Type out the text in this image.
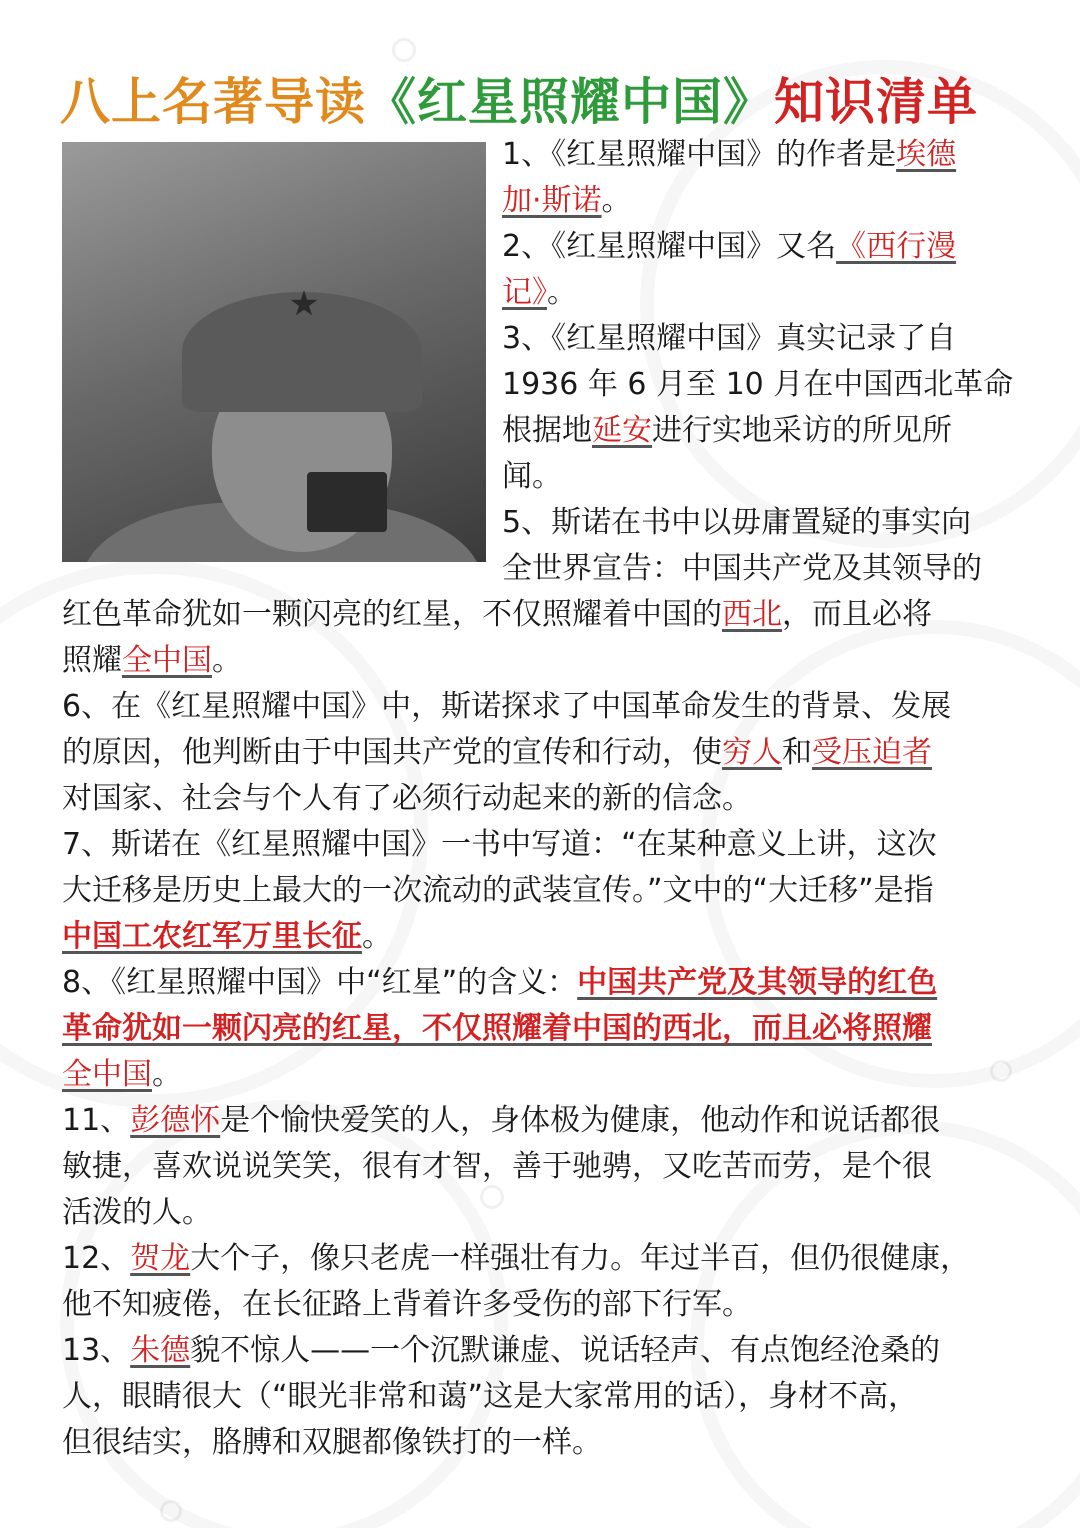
八上名著导读《红星照耀中国》知识清单

1、《红星照耀中国》的作者是埃德

加·斯诺。

2、《红星照耀中国》又名《西行漫

记》。

3、《红星照耀中国》真实记录了自

1936 年 6 月至 10 月在中国西北革命

根据地延安进行实地采访的所见所

闻。

5、斯诺在书中以毋庸置疑的事实向

全世界宣告：中国共产党及其领导的

红色革命犹如一颗闪亮的红星，不仅照耀着中国的西北，而且必将

照耀全中国。

6、在《红星照耀中国》中，斯诺探求了中国革命发生的背景、发展

的原因，他判断由于中国共产党的宣传和行动，使穷人和受压迫者

对国家、社会与个人有了必须行动起来的新的信念。

7、斯诺在《红星照耀中国》一书中写道：“在某种意义上讲，这次

大迁移是历史上最大的一次流动的武装宣传。”文中的“大迁移”是指

中国工农红军万里长征。

8、《红星照耀中国》中“红星”的含义：中国共产党及其领导的红色

革命犹如一颗闪亮的红星，不仅照耀着中国的西北，而且必将照耀

全中国。

11、彭德怀是个愉快爱笑的人，身体极为健康，他动作和说话都很

敏捷，喜欢说说笑笑，很有才智，善于驰骋，又吃苦而劳，是个很

活泼的人。

12、贺龙大个子，像只老虎一样强壮有力。年过半百，但仍很健康，

他不知疲倦，在长征路上背着许多受伤的部下行军。

13、朱德貌不惊人——一个沉默谦虚、说话轻声、有点饱经沧桑的

人，眼睛很大（“眼光非常和蔼”这是大家常用的话），身材不高，

但很结实，胳膊和双腿都像铁打的一样。
